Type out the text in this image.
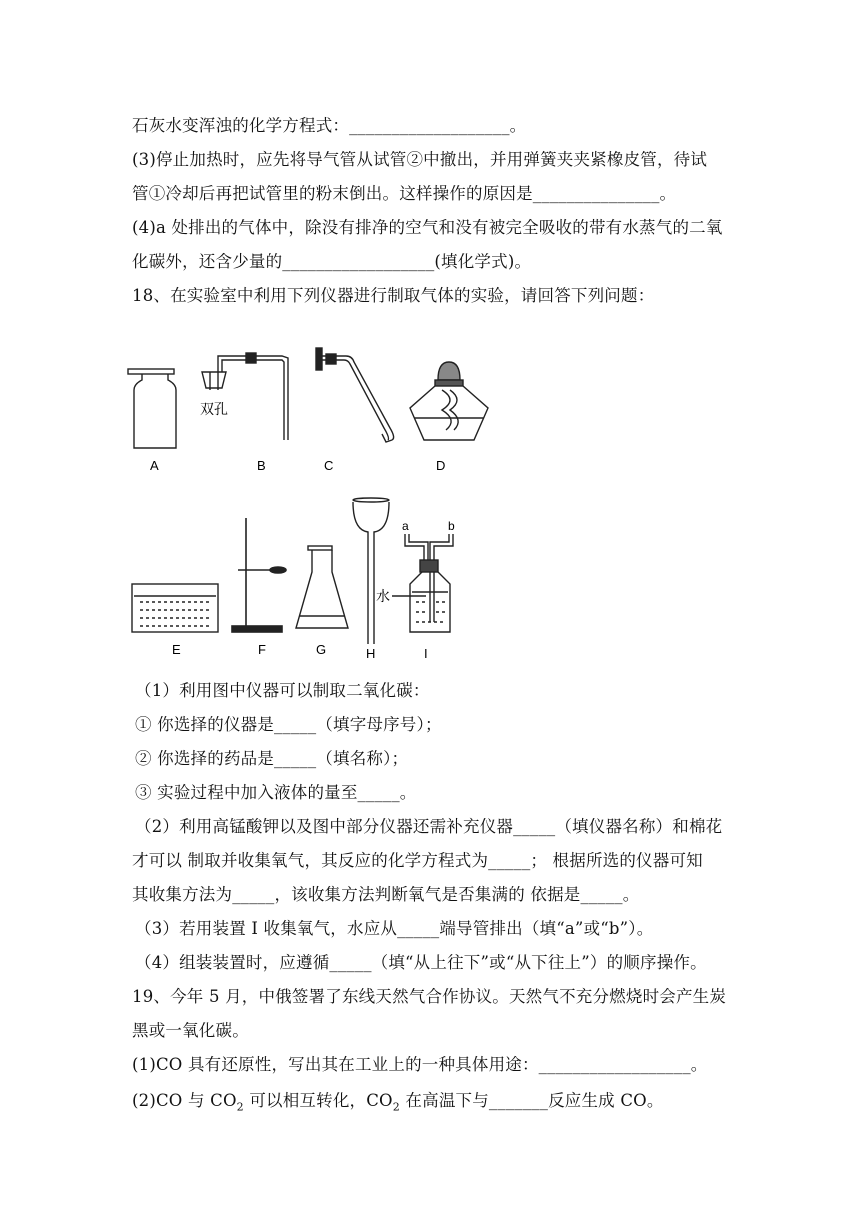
石灰水变浑浊的化学方程式：___________________。
(3)停止加热时，应先将导气管从试管②中撤出，并用弹簧夹夹紧橡皮管，待试
管①冷却后再把试管里的粉末倒出。这样操作的原因是_______________。
(4)a 处排出的气体中，除没有排净的空气和没有被完全吸收的带有水蒸气的二氧
化碳外，还含少量的__________________(填化学式)。
18、在实验室中利用下列仪器进行制取气体的实验，请回答下列问题：
A
双孔
B	C	D
E	F	G	H
a	b
水
I
（1）利用图中仪器可以制取二氧化碳：
① 你选择的仪器是_____（填字母序号）；
② 你选择的药品是_____（填名称）；
③ 实验过程中加入液体的量至_____。
（2）利用高锰酸钾以及图中部分仪器还需补充仪器_____（填仪器名称）和棉花
才可以 制取并收集氧气，其反应的化学方程式为_____； 根据所选的仪器可知
其收集方法为_____，该收集方法判断氧气是否集满的 依据是_____。
（3）若用装置 I 收集氧气，水应从_____端导管排出（填“a”或“b”）。
（4）组装装置时，应遵循_____（填“从上往下”或“从下往上”）的顺序操作。
19、今年 5 月，中俄签署了东线天然气合作协议。天然气不充分燃烧时会产生炭
黑或一氧化碳。
(1)CO 具有还原性，写出其在工业上的一种具体用途：__________________。
(2)CO 与 $CO_2$ 可以相互转化，$CO_2$ 在高温下与_______反应生成 CO。
